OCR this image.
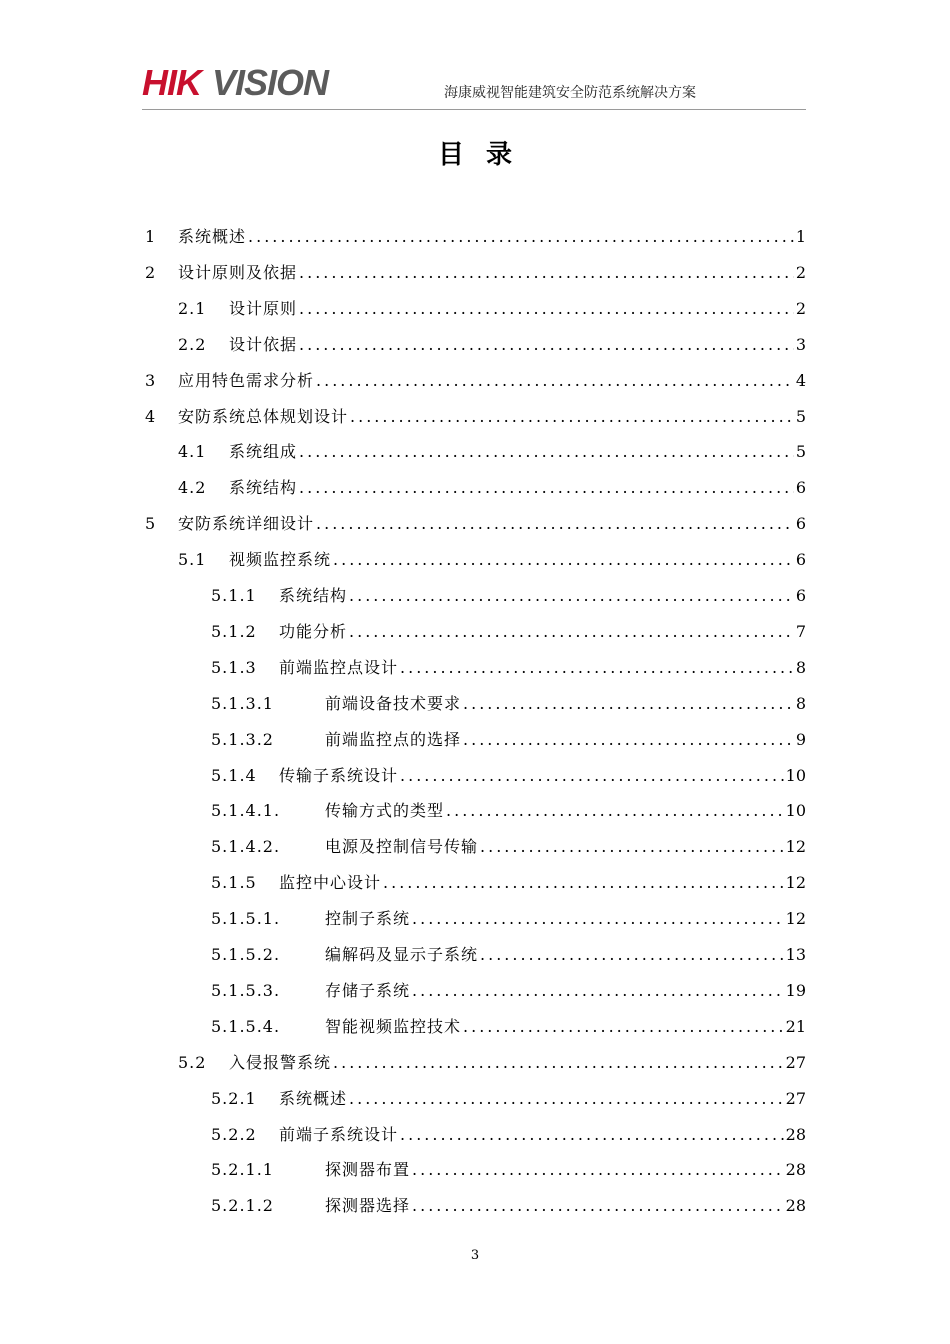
HIK VISION	海康威视智能建筑安全防范系统解决方案
目录
1	系统概述 .....	1
2	设计原则及依据 .....	2
2.1	设计原则 .....	2
2.2	设计依据 .....	3
3	应用特色需求分析 .....	4
4	安防系统总体规划设计 .....	5
4.1	系统组成 .....	5
4.2	系统结构 .....	6
5	安防系统详细设计 .....	6
5.1	视频监控系统 .....	6
5.1.1	系统结构 .....	6
5.1.2	功能分析 .....	7
5.1.3	前端监控点设计 .....	8
5.1.3.1	前端设备技术要求 .....	8
5.1.3.2	前端监控点的选择 .....	9
5.1.4	传输子系统设计 .....	10
5.1.4.1.	传输方式的类型 .....	10
5.1.4.2.	电源及控制信号传输 .....	12
5.1.5	监控中心设计 .....	12
5.1.5.1.	控制子系统 .....	12
5.1.5.2.	编解码及显示子系统 .....	13
5.1.5.3.	存储子系统 .....	19
5.1.5.4.	智能视频监控技术 .....	21
5.2	入侵报警系统 .....	27
5.2.1	系统概述 .....	27
5.2.2	前端子系统设计 .....	28
5.2.1.1	探测器布置 .....	28
5.2.1.2	探测器选择 .....	28
3
